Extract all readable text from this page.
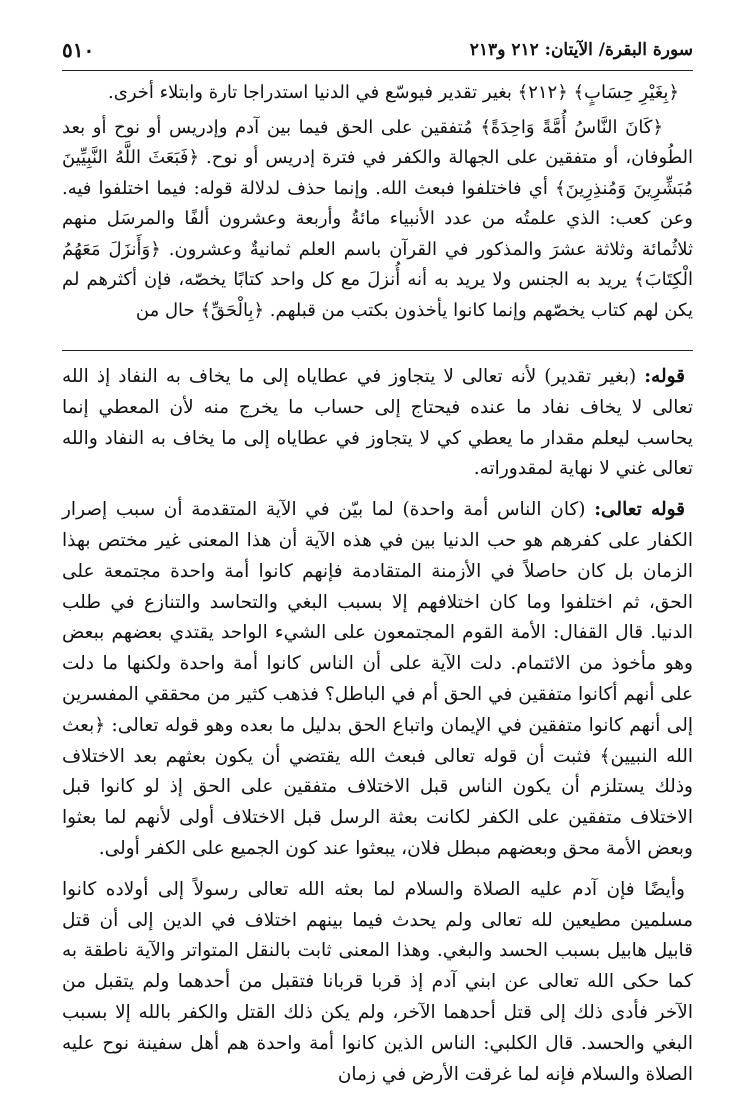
سورة البقرة/ الآيتان: ٢١٢ و٢١٣
٥١٠

﴿بِغَيْرِ حِسَابٍ﴾ ﴿٢١٢﴾ بغير تقدير فيوسّع في الدنيا استدراجا تارة وابتلاء أخرى.

﴿كَانَ النَّاسُ أُمَّةً وَاحِدَةً﴾ مُتفقين على الحق فيما بين آدم وإدريس أو نوح أو بعد الطُوفان، أو متفقين على الجهالة والكفر في فترة إدريس أو نوح. ﴿فَبَعَثَ اللَّهُ النَّبِيِّينَ مُبَشِّرِينَ وَمُنذِرِينَ﴾ أي فاختلفوا فبعث الله. وإنما حذف لدلالة قوله: فيما اختلفوا فيه. وعن كعب: الذي علمتُه من عدد الأنبياء مائةُ وأربعة وعشرون ألفًا والمرسَل منهم ثلاثُمائة وثلاثة عشرَ والمذكور في القرآن باسم العلم ثمانيةٌ وعشرون. ﴿وَأَنزَلَ مَعَهُمُ الْكِتَابَ﴾ يريد به الجنس ولا يريد به أنه أُنزلَ مع كل واحد كتابًا يخصّه، فإن أكثرهم لم يكن لهم كتاب يخصّهم وإنما كانوا يأخذون بكتب من قبلهم. ﴿بِالْحَقِّ﴾ حال من

قوله: (بغير تقدير) لأنه تعالى لا يتجاوز في عطاياه إلى ما يخاف به النفاد إذ الله تعالى لا يخاف نفاد ما عنده فيحتاج إلى حساب ما يخرج منه لأن المعطي إنما يحاسب ليعلم مقدار ما يعطي كي لا يتجاوز في عطاياه إلى ما يخاف به النفاد والله تعالى غني لا نهاية لمقدوراته.

قوله تعالى: (كان الناس أمة واحدة) لما بيّن في الآية المتقدمة أن سبب إصرار الكفار على كفرهم هو حب الدنيا بين في هذه الآية أن هذا المعنى غير مختص بهذا الزمان بل كان حاصلاً في الأزمنة المتقادمة فإنهم كانوا أمة واحدة مجتمعة على الحق، ثم اختلفوا وما كان اختلافهم إلا بسبب البغي والتحاسد والتنازع في طلب الدنيا. قال القفال: الأمة القوم المجتمعون على الشيء الواحد يقتدي بعضهم ببعض وهو مأخوذ من الائتمام. دلت الآية على أن الناس كانوا أمة واحدة ولكنها ما دلت على أنهم أكانوا متفقين في الحق أم في الباطل؟ فذهب كثير من محققي المفسرين إلى أنهم كانوا متفقين في الإيمان واتباع الحق بدليل ما بعده وهو قوله تعالى: ﴿بعث الله النبيين﴾ فثبت أن قوله تعالى فبعث الله يقتضي أن يكون بعثهم بعد الاختلاف وذلك يستلزم أن يكون الناس قبل الاختلاف متفقين على الحق إذ لو كانوا قبل الاختلاف متفقين على الكفر لكانت بعثة الرسل قبل الاختلاف أولى لأنهم لما بعثوا وبعض الأمة محق وبعضهم مبطل فلان، يبعثوا عند كون الجميع على الكفر أولى.

وأيضًا فإن آدم عليه الصلاة والسلام لما بعثه الله تعالى رسولاً إلى أولاده كانوا مسلمين مطيعين لله تعالى ولم يحدث فيما بينهم اختلاف في الدين إلى أن قتل قابيل هابيل بسبب الحسد والبغي. وهذا المعنى ثابت بالنقل المتواتر والآية ناطقة به كما حكى الله تعالى عن ابني آدم إذ قربا قربانا فتقبل من أحدهما ولم يتقبل من الآخر فأدى ذلك إلى قتل أحدهما الآخر، ولم يكن ذلك القتل والكفر بالله إلا بسبب البغي والحسد. قال الكلبي: الناس الذين كانوا أمة واحدة هم أهل سفينة نوح عليه الصلاة والسلام فإنه لما غرقت الأرض في زمان
